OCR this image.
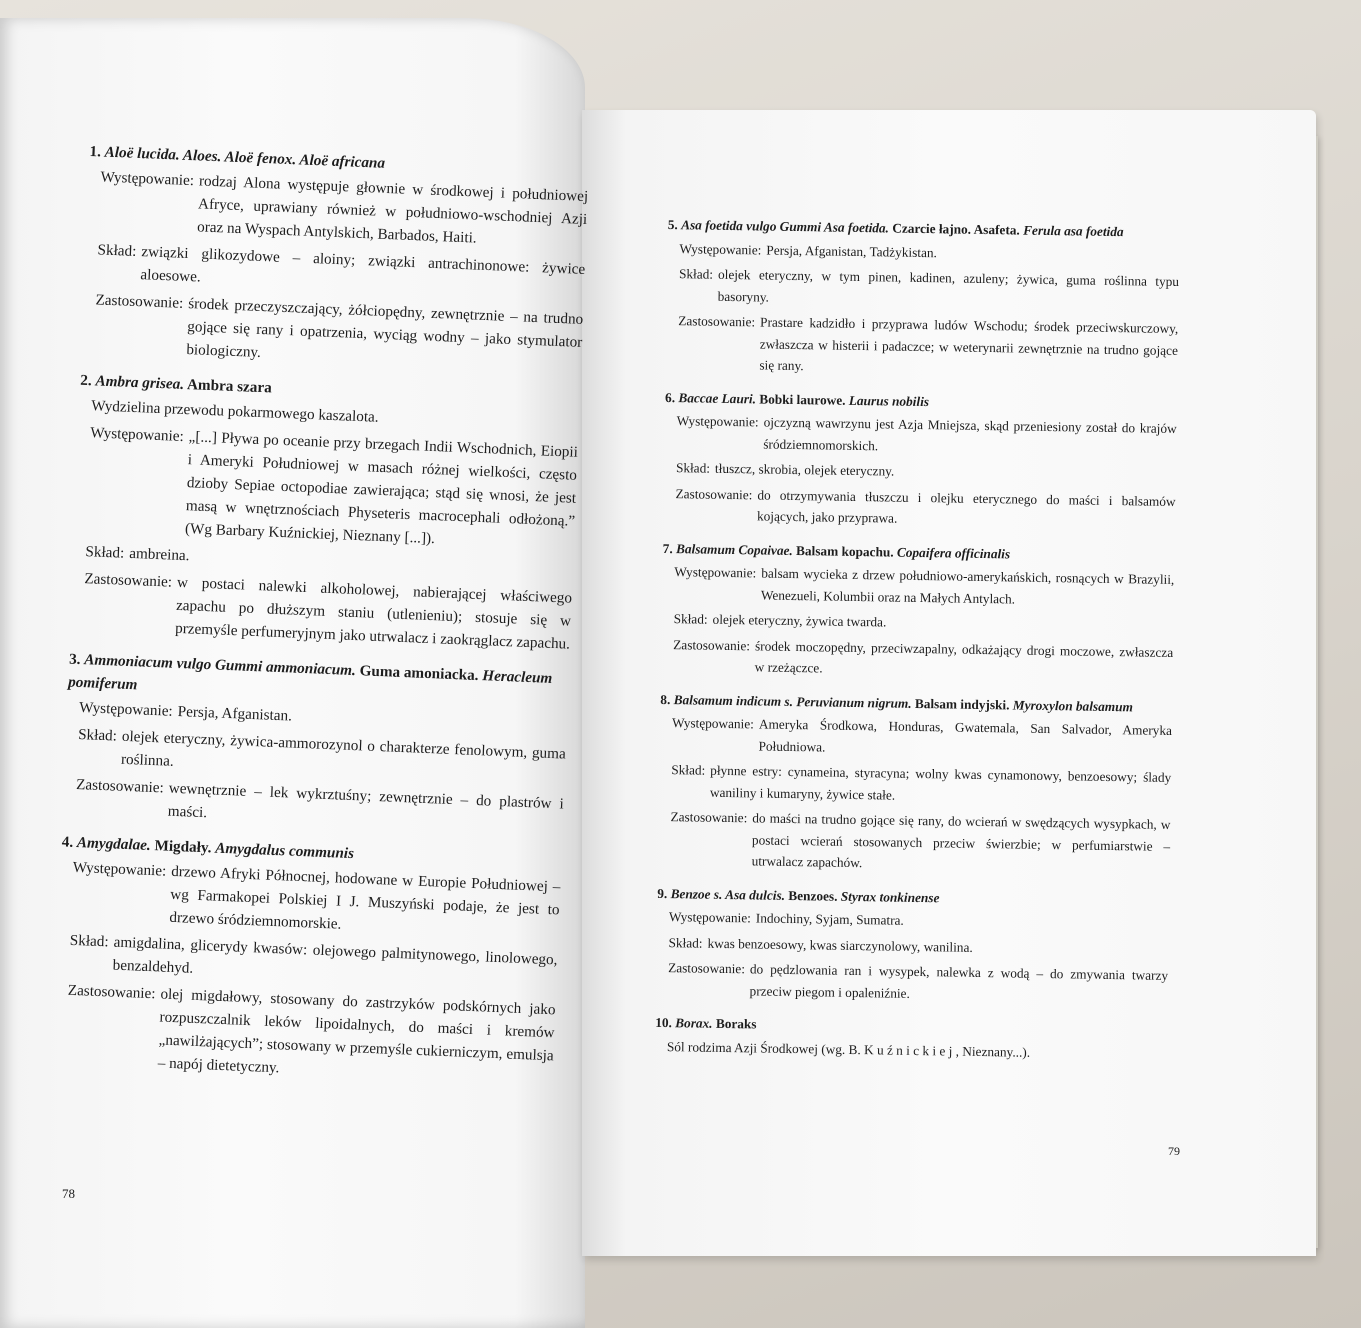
1. Aloë lucida. Aloes. Aloë fenox. Aloë africana
Występowanie: rodzaj Alona występuje głownie w środkowej i południowej Afryce, uprawiany również w południowo-wschodniej Azji oraz na Wyspach Antylskich, Barbados, Haiti.
Skład: związki glikozydowe – aloiny; związki antrachinonowe: żywice aloesowe.
Zastosowanie: środek przeczyszczający, żółciopędny, zewnętrznie – na trudno gojące się rany i opatrzenia, wyciąg wodny – jako stymulator biologiczny.
2. Ambra grisea. Ambra szara
Wydzielina przewodu pokarmowego kaszalota.
Występowanie: „[...] Pływa po oceanie przy brzegach Indii Wschodnich, Eiopii i Ameryki Południowej w masach różnej wielkości, często dzioby Sepiae octopodiae zawierająca; stąd się wnosi, że jest masą w wnętrznościach Physeteris macrocephali odłożoną.” (Wg Barbary Kuźnickiej, Nieznany [...]).
Skład: ambreina.
Zastosowanie: w postaci nalewki alkoholowej, nabierającej właściwego zapachu po dłuższym staniu (utlenieniu); stosuje się w przemyśle perfumeryjnym jako utrwalacz i zaokrąglacz zapachu.
3. Ammoniacum vulgo Gummi ammoniacum. Guma amoniacka. Heracleum pomiferum
Występowanie: Persja, Afganistan.
Skład: olejek eteryczny, żywica-ammorozynol o charakterze fenolowym, guma roślinna.
Zastosowanie: wewnętrznie – lek wykrztuśny; zewnętrznie – do plastrów i maści.
4. Amygdalae. Migdały. Amygdalus communis
Występowanie: drzewo Afryki Północnej, hodowane w Europie Południowej – wg Farmakopei Polskiej I J. Muszyński podaje, że jest to drzewo śródziemnomorskie.
Skład: amigdalina, glicerydy kwasów: olejowego palmitynowego, linolowego, benzaldehyd.
Zastosowanie: olej migdałowy, stosowany do zastrzyków podskórnych jako rozpuszczalnik leków lipoidalnych, do maści i kremów „nawilżających”; stosowany w przemyśle cukierniczym, emulsja – napój dietetyczny.
5. Asa foetida vulgo Gummi Asa foetida. Czarcie łajno. Asafeta. Ferula asa foetida
Występowanie: Persja, Afganistan, Tadżykistan.
Skład: olejek eteryczny, w tym pinen, kadinen, azuleny; żywica, guma roślinna typu basoryny.
Zastosowanie: Prastare kadzidło i przyprawa ludów Wschodu; środek przeciwskurczowy, zwłaszcza w histerii i padaczce; w weterynarii zewnętrznie na trudno gojące się rany.
6. Baccae Lauri. Bobki laurowe. Laurus nobilis
Występowanie: ojczyzną wawrzynu jest Azja Mniejsza, skąd przeniesiony został do krajów śródziemnomorskich.
Skład: tłuszcz, skrobia, olejek eteryczny.
Zastosowanie: do otrzymywania tłuszczu i olejku eterycznego do maści i balsamów kojących, jako przyprawa.
7. Balsamum Copaivae. Balsam kopachu. Copaifera officinalis
Występowanie: balsam wycieka z drzew południowo-amerykańskich, rosnących w Brazylii, Wenezueli, Kolumbii oraz na Małych Antylach.
Skład: olejek eteryczny, żywica twarda.
Zastosowanie: środek moczopędny, przeciwzapalny, odkażający drogi moczowe, zwłaszcza w rzeżączce.
8. Balsamum indicum s. Peruvianum nigrum. Balsam indyjski. Myroxylon balsamum
Występowanie: Ameryka Środkowa, Honduras, Gwatemala, San Salvador, Ameryka Południowa.
Skład: płynne estry: cynameina, styracyna; wolny kwas cynamonowy, benzoesowy; ślady waniliny i kumaryny, żywice stałe.
Zastosowanie: do maści na trudno gojące się rany, do wcierań w swędzących wysypkach, w postaci wcierań stosowanych przeciw świerzbie; w perfumiarstwie – utrwalacz zapachów.
9. Benzoe s. Asa dulcis. Benzoes. Styrax tonkinense
Występowanie: Indochiny, Syjam, Sumatra.
Skład: kwas benzoesowy, kwas siarczynolowy, wanilina.
Zastosowanie: do pędzlowania ran i wysypek, nalewka z wodą – do zmywania twarzy przeciw piegom i opaleniźnie.
10. Borax. Boraks
Sól rodzima Azji Środkowej (wg. B. K u ź n i c k i e j , Nieznany...).
78
79
